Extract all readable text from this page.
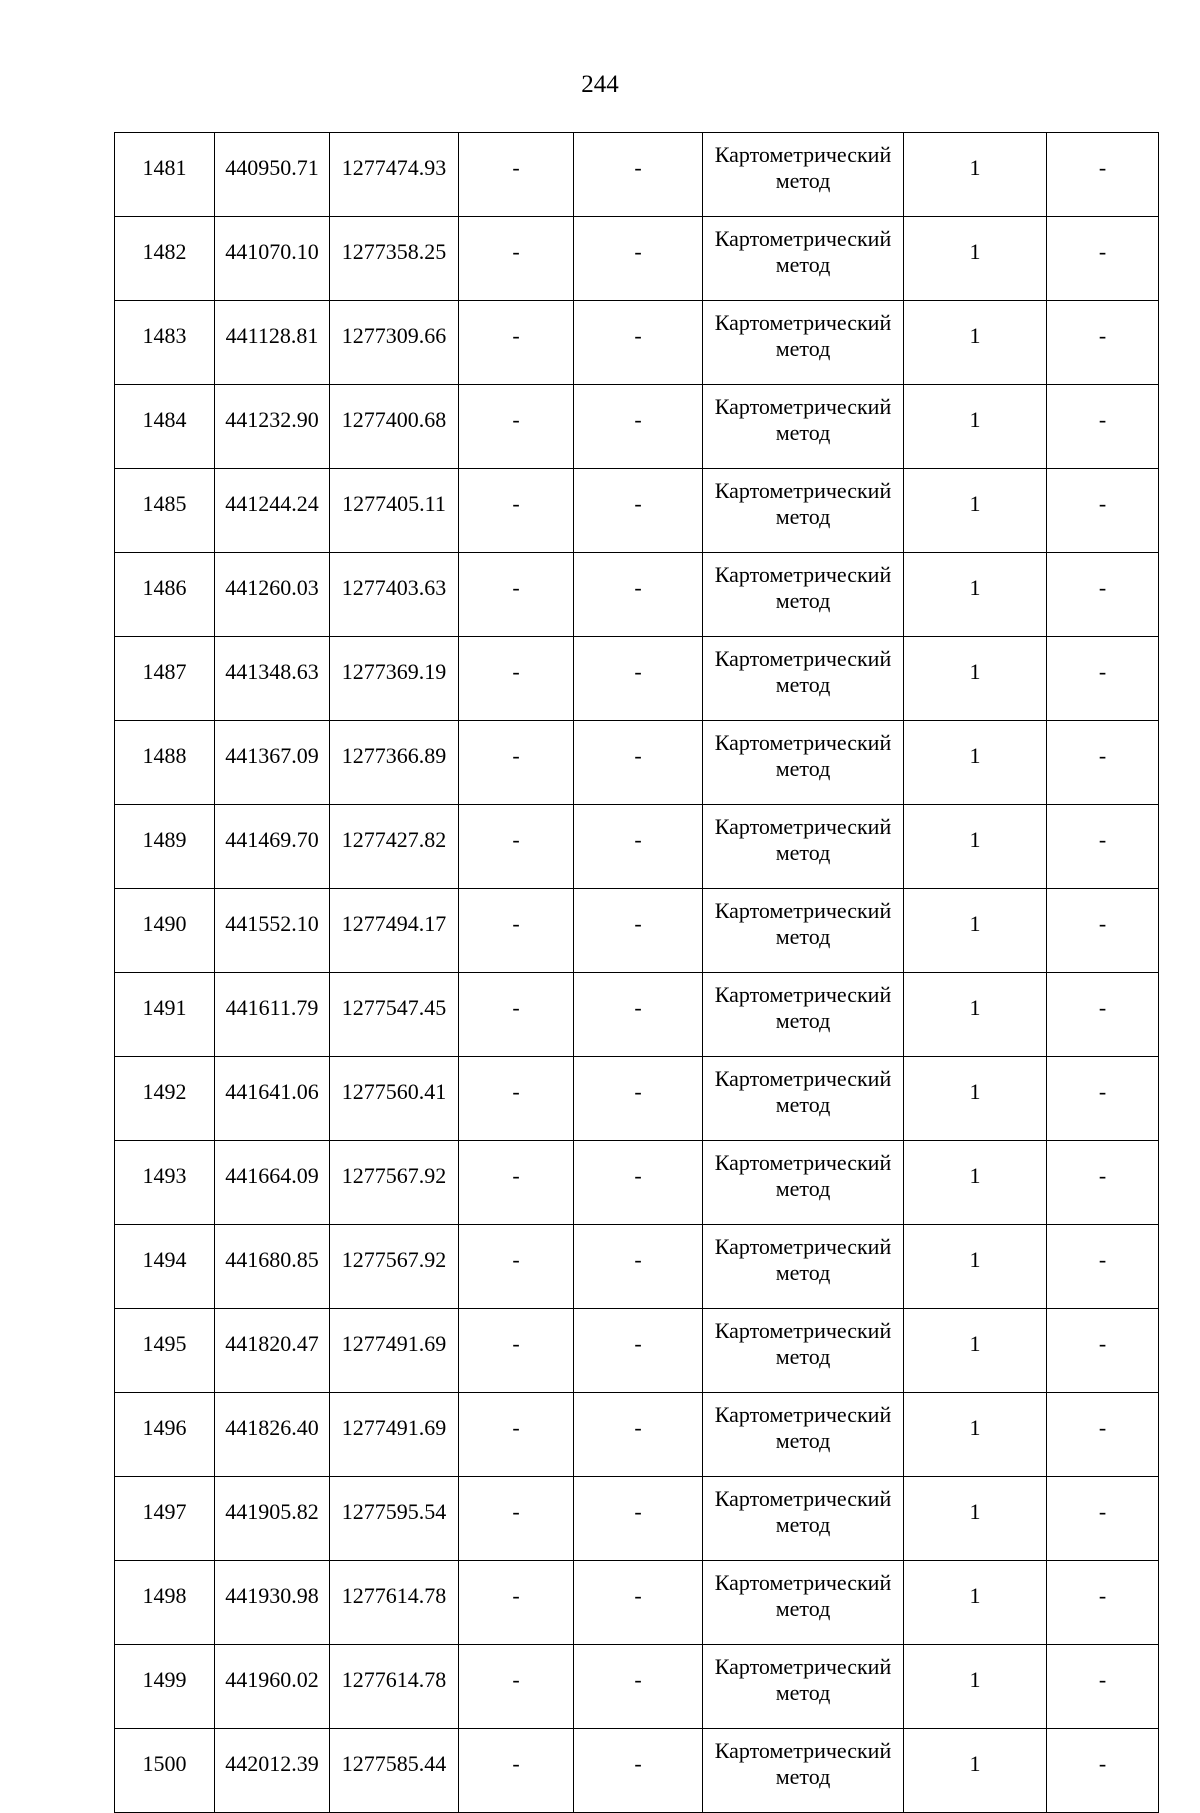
244
1481	440950.71	1277474.93	-	-	Картометрический
метод	1	-
1482	441070.10	1277358.25	-	-	Картометрический
метод	1	-
1483	441128.81	1277309.66	-	-	Картометрический
метод	1	-
1484	441232.90	1277400.68	-	-	Картометрический
метод	1	-
1485	441244.24	1277405.11	-	-	Картометрический
метод	1	-
1486	441260.03	1277403.63	-	-	Картометрический
метод	1	-
1487	441348.63	1277369.19	-	-	Картометрический
метод	1	-
1488	441367.09	1277366.89	-	-	Картометрический
метод	1	-
1489	441469.70	1277427.82	-	-	Картометрический
метод	1	-
1490	441552.10	1277494.17	-	-	Картометрический
метод	1	-
1491	441611.79	1277547.45	-	-	Картометрический
метод	1	-
1492	441641.06	1277560.41	-	-	Картометрический
метод	1	-
1493	441664.09	1277567.92	-	-	Картометрический
метод	1	-
1494	441680.85	1277567.92	-	-	Картометрический
метод	1	-
1495	441820.47	1277491.69	-	-	Картометрический
метод	1	-
1496	441826.40	1277491.69	-	-	Картометрический
метод	1	-
1497	441905.82	1277595.54	-	-	Картометрический
метод	1	-
1498	441930.98	1277614.78	-	-	Картометрический
метод	1	-
1499	441960.02	1277614.78	-	-	Картометрический
метод	1	-
1500	442012.39	1277585.44	-	-	Картометрический
метод	1	-
